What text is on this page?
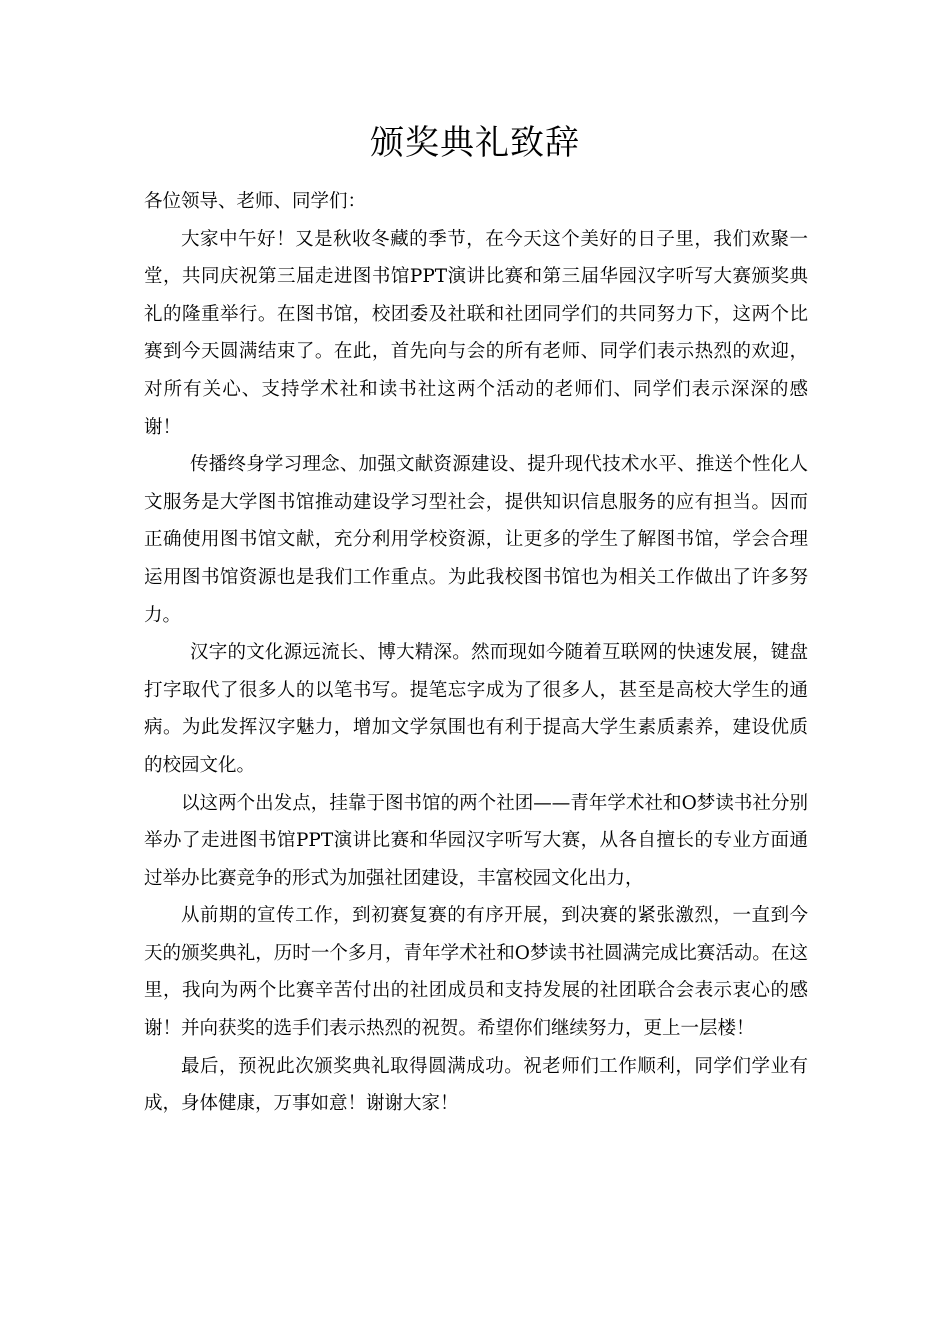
颁奖典礼致辞

各位领导、老师、同学们：

大家中午好！又是秋收冬藏的季节，在今天这个美好的日子里，我们欢聚一堂，共同庆祝第三届走进图书馆PPT演讲比赛和第三届华园汉字听写大赛颁奖典礼的隆重举行。在图书馆，校团委及社联和社团同学们的共同努力下，这两个比赛到今天圆满结束了。在此，首先向与会的所有老师、同学们表示热烈的欢迎，对所有关心、支持学术社和读书社这两个活动的老师们、同学们表示深深的感谢！

传播终身学习理念、加强文献资源建设、提升现代技术水平、推送个性化人文服务是大学图书馆推动建设学习型社会，提供知识信息服务的应有担当。因而正确使用图书馆文献，充分利用学校资源，让更多的学生了解图书馆，学会合理运用图书馆资源也是我们工作重点。为此我校图书馆也为相关工作做出了许多努力。

汉字的文化源远流长、博大精深。然而现如今随着互联网的快速发展，键盘打字取代了很多人的以笔书写。提笔忘字成为了很多人，甚至是高校大学生的通病。为此发挥汉字魅力，增加文学氛围也有利于提高大学生素质素养，建设优质的校园文化。

以这两个出发点，挂靠于图书馆的两个社团——青年学术社和O梦读书社分别举办了走进图书馆PPT演讲比赛和华园汉字听写大赛，从各自擅长的专业方面通过举办比赛竞争的形式为加强社团建设，丰富校园文化出力，

从前期的宣传工作，到初赛复赛的有序开展，到决赛的紧张激烈，一直到今天的颁奖典礼，历时一个多月，青年学术社和O梦读书社圆满完成比赛活动。在这里，我向为两个比赛辛苦付出的社团成员和支持发展的社团联合会表示衷心的感谢！并向获奖的选手们表示热烈的祝贺。希望你们继续努力，更上一层楼！

最后，预祝此次颁奖典礼取得圆满成功。祝老师们工作顺利，同学们学业有成，身体健康，万事如意！谢谢大家！
